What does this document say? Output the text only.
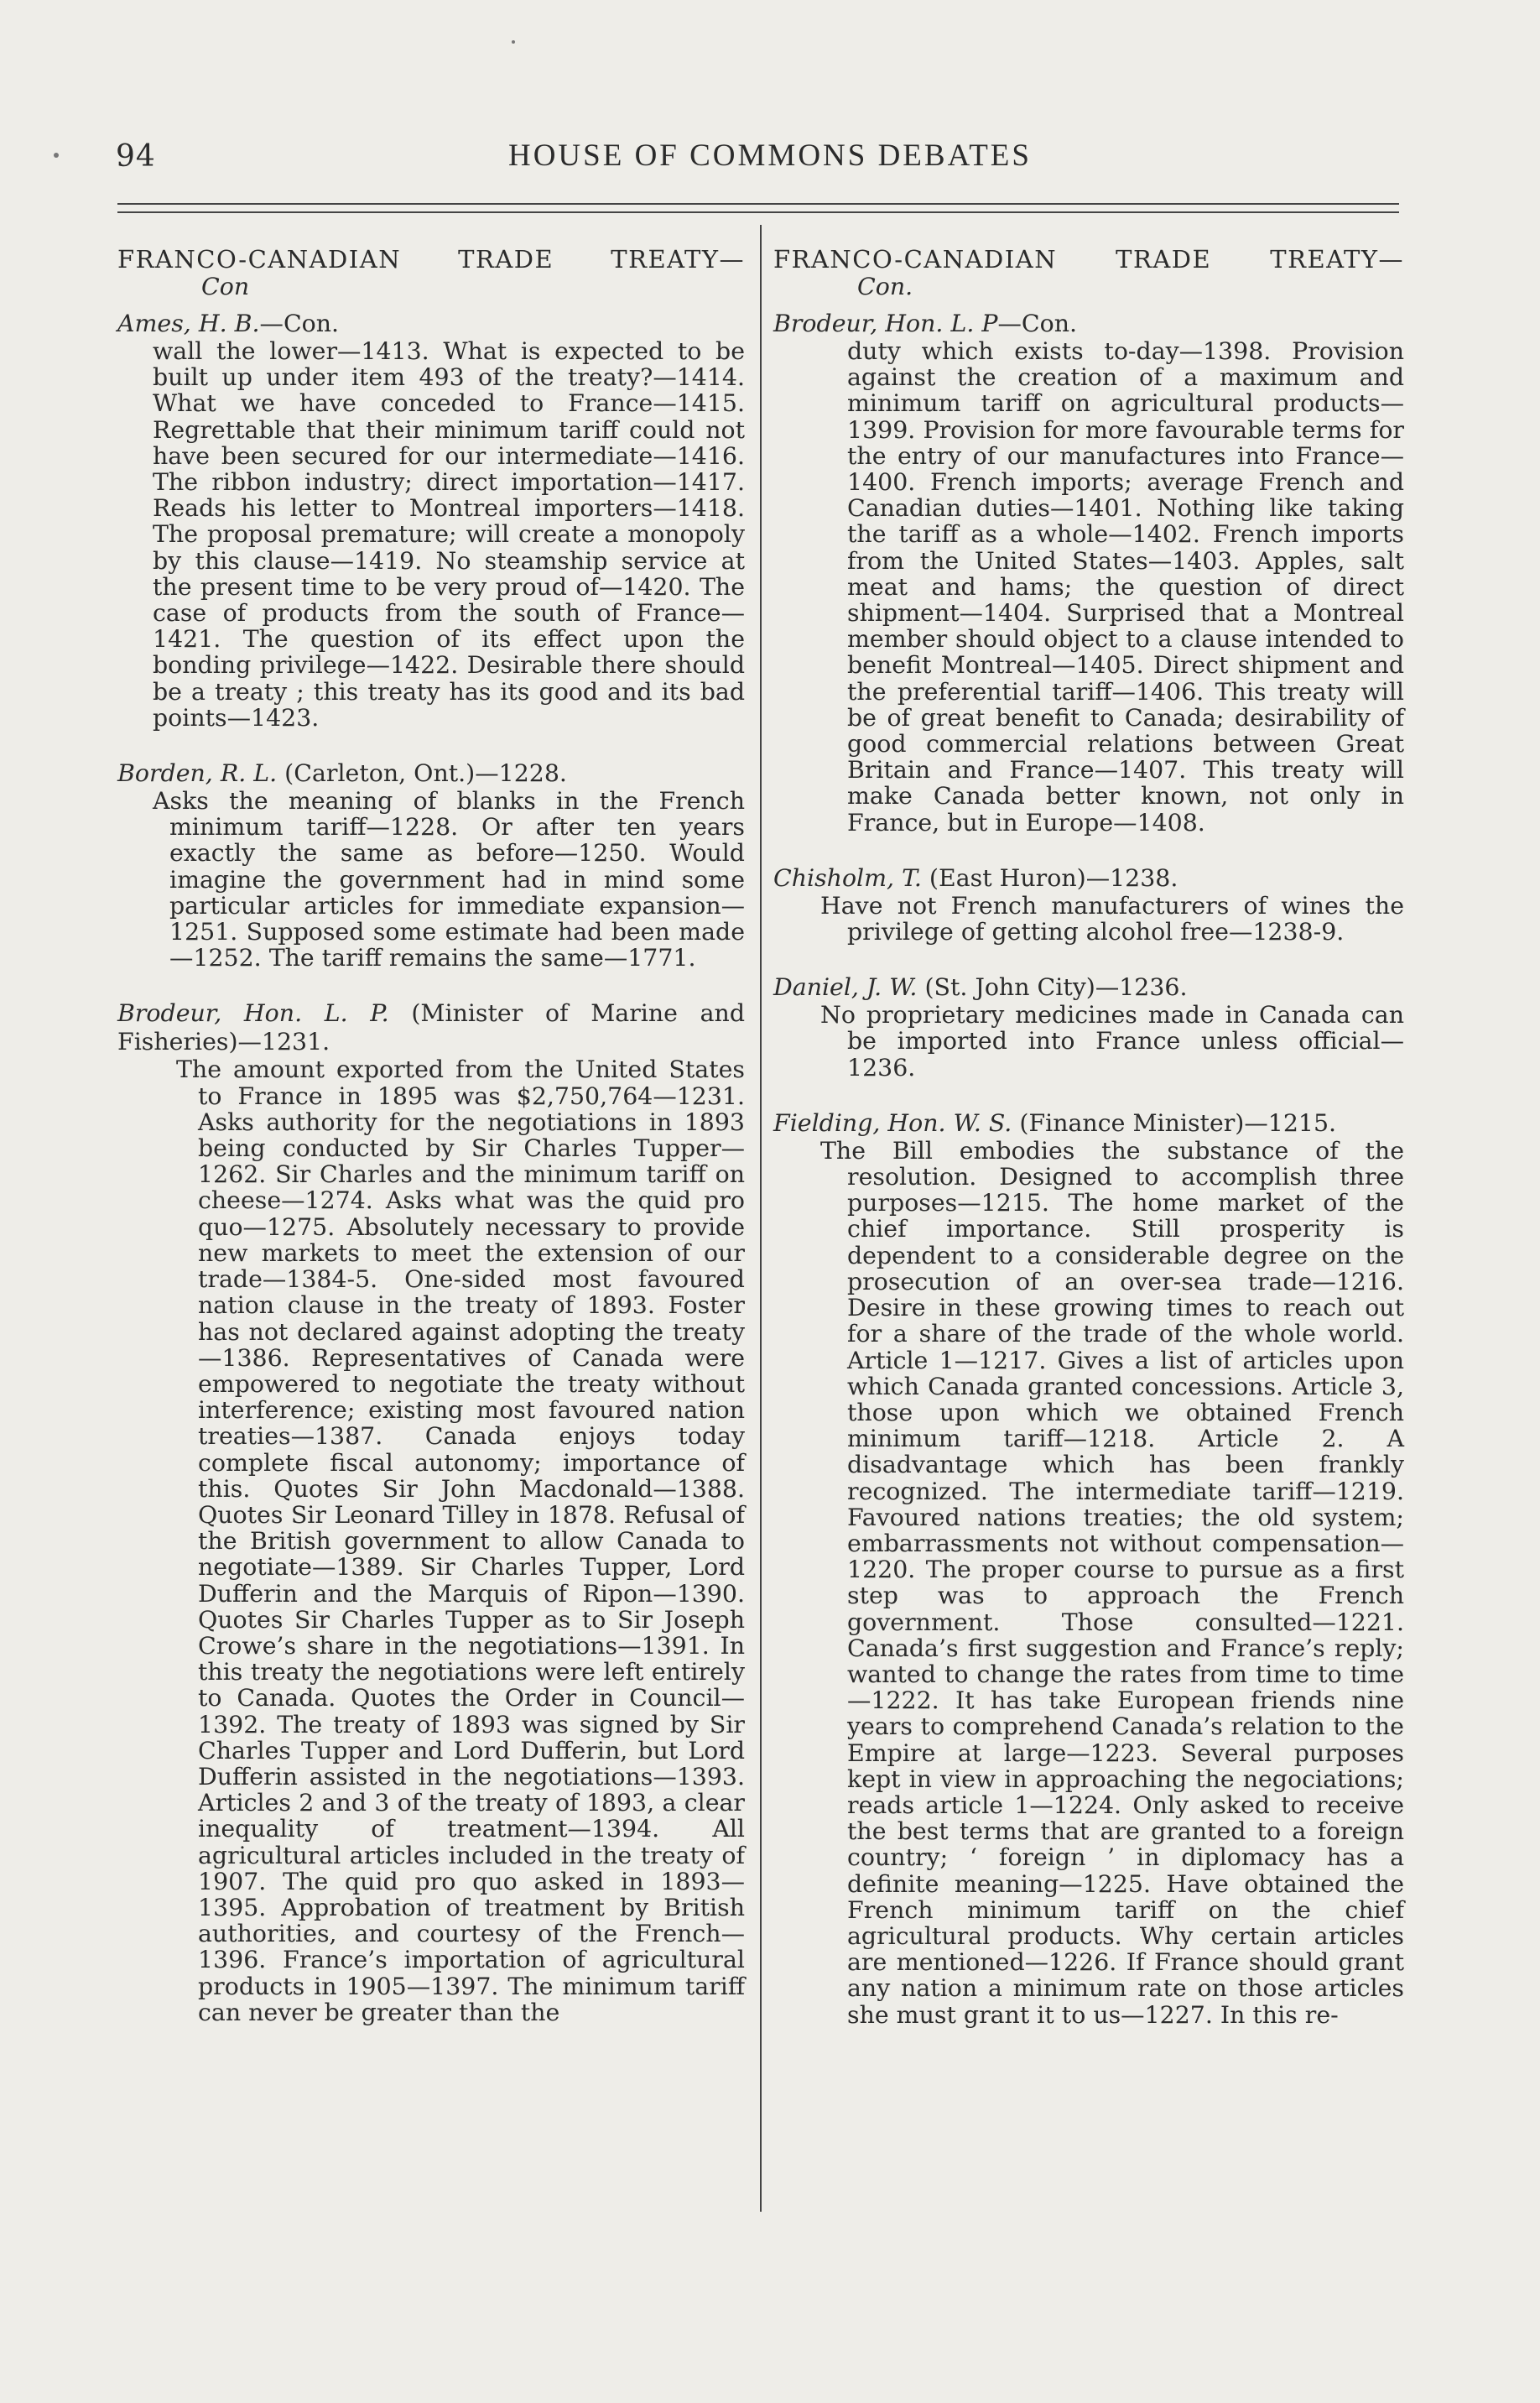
94	HOUSE OF COMMONS DEBATES
FRANCO-CANADIAN TRADE TREATY—
Con
Ames, H. B.—Con.
wall the lower—1413. What is expected to be built up under item 493 of the treaty?—1414. What we have conceded to France—1415. Regrettable that their minimum tariff could not have been secured for our intermediate—1416. The ribbon industry; direct importation—1417. Reads his letter to Montreal importers—1418. The proposal premature; will create a monopoly by this clause—1419. No steamship service at the present time to be very proud of—1420. The case of products from the south of France—1421. The question of its effect upon the bonding privilege—1422. Desirable there should be a treaty ; this treaty has its good and its bad points—1423.
Borden, R. L. (Carleton, Ont.)—1228.
Asks the meaning of blanks in the French minimum tariff—1228. Or after ten years exactly the same as before—1250. Would imagine the government had in mind some particular articles for immediate expansion—1251. Supposed some estimate had been made—1252. The tariff remains the same—1771.
Brodeur, Hon. L. P. (Minister of Marine and Fisheries)—1231.
The amount exported from the United States to France in 1895 was $2,750,764—1231. Asks authority for the negotiations in 1893 being conducted by Sir Charles Tupper—1262. Sir Charles and the minimum tariff on cheese—1274. Asks what was the quid pro quo—1275. Absolutely necessary to provide new markets to meet the extension of our trade—1384-5. One-sided most favoured nation clause in the treaty of 1893. Foster has not declared against adopting the treaty—1386. Representatives of Canada were empowered to negotiate the treaty without interference; existing most favoured nation treaties—1387. Canada enjoys today complete fiscal autonomy; importance of this. Quotes Sir John Macdonald—1388. Quotes Sir Leonard Tilley in 1878. Refusal of the British government to allow Canada to negotiate—1389. Sir Charles Tupper, Lord Dufferin and the Marquis of Ripon—1390. Quotes Sir Charles Tupper as to Sir Joseph Crowe’s share in the negotiations—1391. In this treaty the negotiations were left entirely to Canada. Quotes the Order in Council—1392. The treaty of 1893 was signed by Sir Charles Tupper and Lord Dufferin, but Lord Dufferin assisted in the negotiations—1393. Articles 2 and 3 of the treaty of 1893, a clear inequality of treatment—1394. All agricultural articles included in the treaty of 1907. The quid pro quo asked in 1893—1395. Approbation of treatment by British authorities, and courtesy of the French—1396. France’s importation of agricultural products in 1905—1397. The minimum tariff can never be greater than the
FRANCO-CANADIAN TRADE TREATY—
Con.
Brodeur, Hon. L. P—Con.
duty which exists to-day—1398. Provision against the creation of a maximum and minimum tariff on agricultural products—1399. Provision for more favourable terms for the entry of our manufactures into France—1400. French imports; average French and Canadian duties—1401. Nothing like taking the tariff as a whole—1402. French imports from the United States—1403. Apples, salt meat and hams; the question of direct shipment—1404. Surprised that a Montreal member should object to a clause intended to benefit Montreal—1405. Direct shipment and the preferential tariff—1406. This treaty will be of great benefit to Canada; desirability of good commercial relations between Great Britain and France—1407. This treaty will make Canada better known, not only in France, but in Europe—1408.
Chisholm, T. (East Huron)—1238.
Have not French manufacturers of wines the privilege of getting alcohol free—1238-9.
Daniel, J. W. (St. John City)—1236.
No proprietary medicines made in Canada can be imported into France unless official—1236.
Fielding, Hon. W. S. (Finance Minister)—1215.
The Bill embodies the substance of the resolution. Designed to accomplish three purposes—1215. The home market of the chief importance. Still prosperity is dependent to a considerable degree on the prosecution of an over-sea trade—1216. Desire in these growing times to reach out for a share of the trade of the whole world. Article 1—1217. Gives a list of articles upon which Canada granted concessions. Article 3, those upon which we obtained French minimum tariff—1218. Article 2. A disadvantage which has been frankly recognized. The intermediate tariff—1219. Favoured nations treaties; the old system; embarrassments not without compensation—1220. The proper course to pursue as a first step was to approach the French government. Those consulted—1221. Canada’s first suggestion and France’s reply; wanted to change the rates from time to time—1222. It has take European friends nine years to comprehend Canada’s relation to the Empire at large—1223. Several purposes kept in view in approaching the negociations; reads article 1—1224. Only asked to receive the best terms that are granted to a foreign country; ‘ foreign ’ in diplomacy has a definite meaning—1225. Have obtained the French minimum tariff on the chief agricultural products. Why certain articles are mentioned—1226. If France should grant any nation a minimum rate on those articles she must grant it to us—1227. In this re-
